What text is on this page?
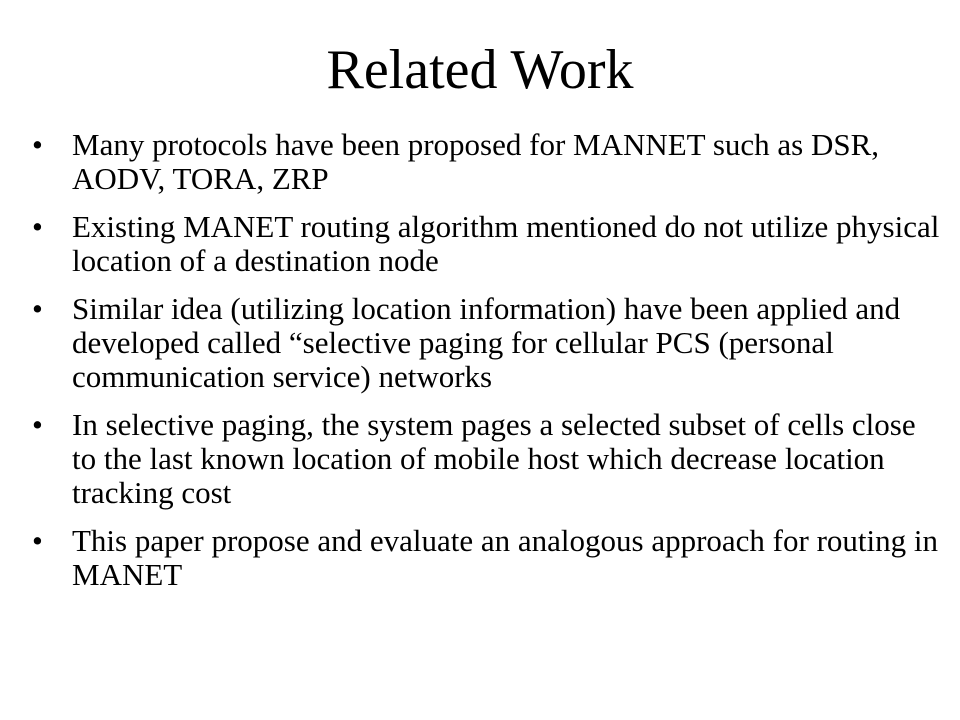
Related Work
• Many protocols have been proposed for MANNET such as DSR, AODV, TORA, ZRP
• Existing MANET routing algorithm mentioned do not utilize physical location of a destination node
• Similar idea (utilizing location information) have been applied and developed called “selective paging for cellular PCS (personal communication service) networks
• In selective paging, the system pages a selected subset of cells close to the last known location of mobile host which decrease location tracking cost
• This paper propose and evaluate an analogous approach for routing in MANET
